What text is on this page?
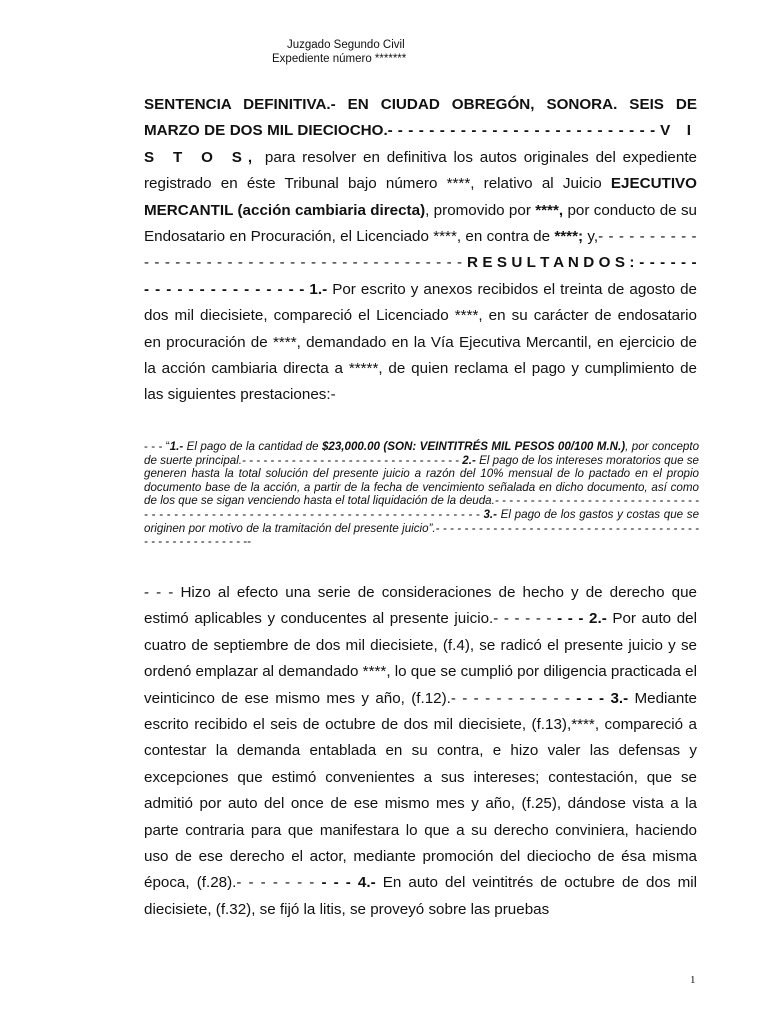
Juzgado Segundo Civil
Expediente número *******
SENTENCIA DEFINITIVA.- EN CIUDAD OBREGÓN, SONORA. SEIS DE MARZO DE DOS MIL DIECIOCHO.- - - - - - - - - - - - - - - - - - - - - - - - - - V I S T O S, para resolver en definitiva los autos originales del expediente registrado en éste Tribunal bajo número ****, relativo al Juicio EJECUTIVO MERCANTIL (acción cambiaria directa), promovido por ****, por conducto de su Endosatario en Procuración, el Licenciado ****, en contra de ****; y,- - - - - - - - - - - - - - - - - - - - - - - - - - - - - - - - - - - - - - - - - R E S U L T A N D O S : - - - - - - - - - - - - - - - - - - - - - 1.- Por escrito y anexos recibidos el treinta de agosto de dos mil diecisiete, compareció el Licenciado ****, en su carácter de endosatario en procuración de ****, demandado en la Vía Ejecutiva Mercantil, en ejercicio de la acción cambiaria directa a *****, de quien reclama el pago y cumplimiento de las siguientes prestaciones:-
- - - “1.- El pago de la cantidad de $23,000.00 (SON: VEINTITRÉS MIL PESOS 00/100 M.N.), por concepto de suerte principal.- - - - - - - - - - - - - - - - - - - - - - - - - - - - - - - 2.- El pago de los intereses moratorios que se generen hasta la total solución del presente juicio a razón del 10% mensual de lo pactado en el propio documento base de la acción, a partir de la fecha de vencimiento señalada en dicho documento, así como de los que se sigan venciendo hasta el total liquidación de la deuda.- - - - - - - - - - - - - - - - - - - - - - - - - - - - - - - - - - - - - - - - - - - - - - - - - - - - - - - - - - - - - - - - - - - - - - - - - - 3.- El pago de los gastos y costas que se originen por motivo de la tramitación del presente juicio”.- - - - - - - - - - - - - - - - - - - - - - - - - - - - - - - - - - - - - - - - - - - - - - - - - - - --
- - - Hizo al efecto una serie de consideraciones de hecho y de derecho que estimó aplicables y conducentes al presente juicio.- - - - - - - - - 2.- Por auto del cuatro de septiembre de dos mil diecisiete, (f.4), se radicó el presente juicio y se ordenó emplazar al demandado ****, lo que se cumplió por diligencia practicada el veinticinco de ese mismo mes y año, (f.12).- - - - - - - - - - - - - - 3.- Mediante escrito recibido el seis de octubre de dos mil diecisiete, (f.13),****, compareció a contestar la demanda entablada en su contra, e hizo valer las defensas y excepciones que estimó convenientes a sus intereses; contestación, que se admitió por auto del once de ese mismo mes y año, (f.25), dándose vista a la parte contraria para que manifestara lo que a su derecho conviniera, haciendo uso de ese derecho el actor, mediante promoción del dieciocho de ésa misma época, (f.28).- - - - - - - - - - 4.- En auto del veintitrés de octubre de dos mil diecisiete, (f.32), se fijó la litis, se proveyó sobre las pruebas
1
